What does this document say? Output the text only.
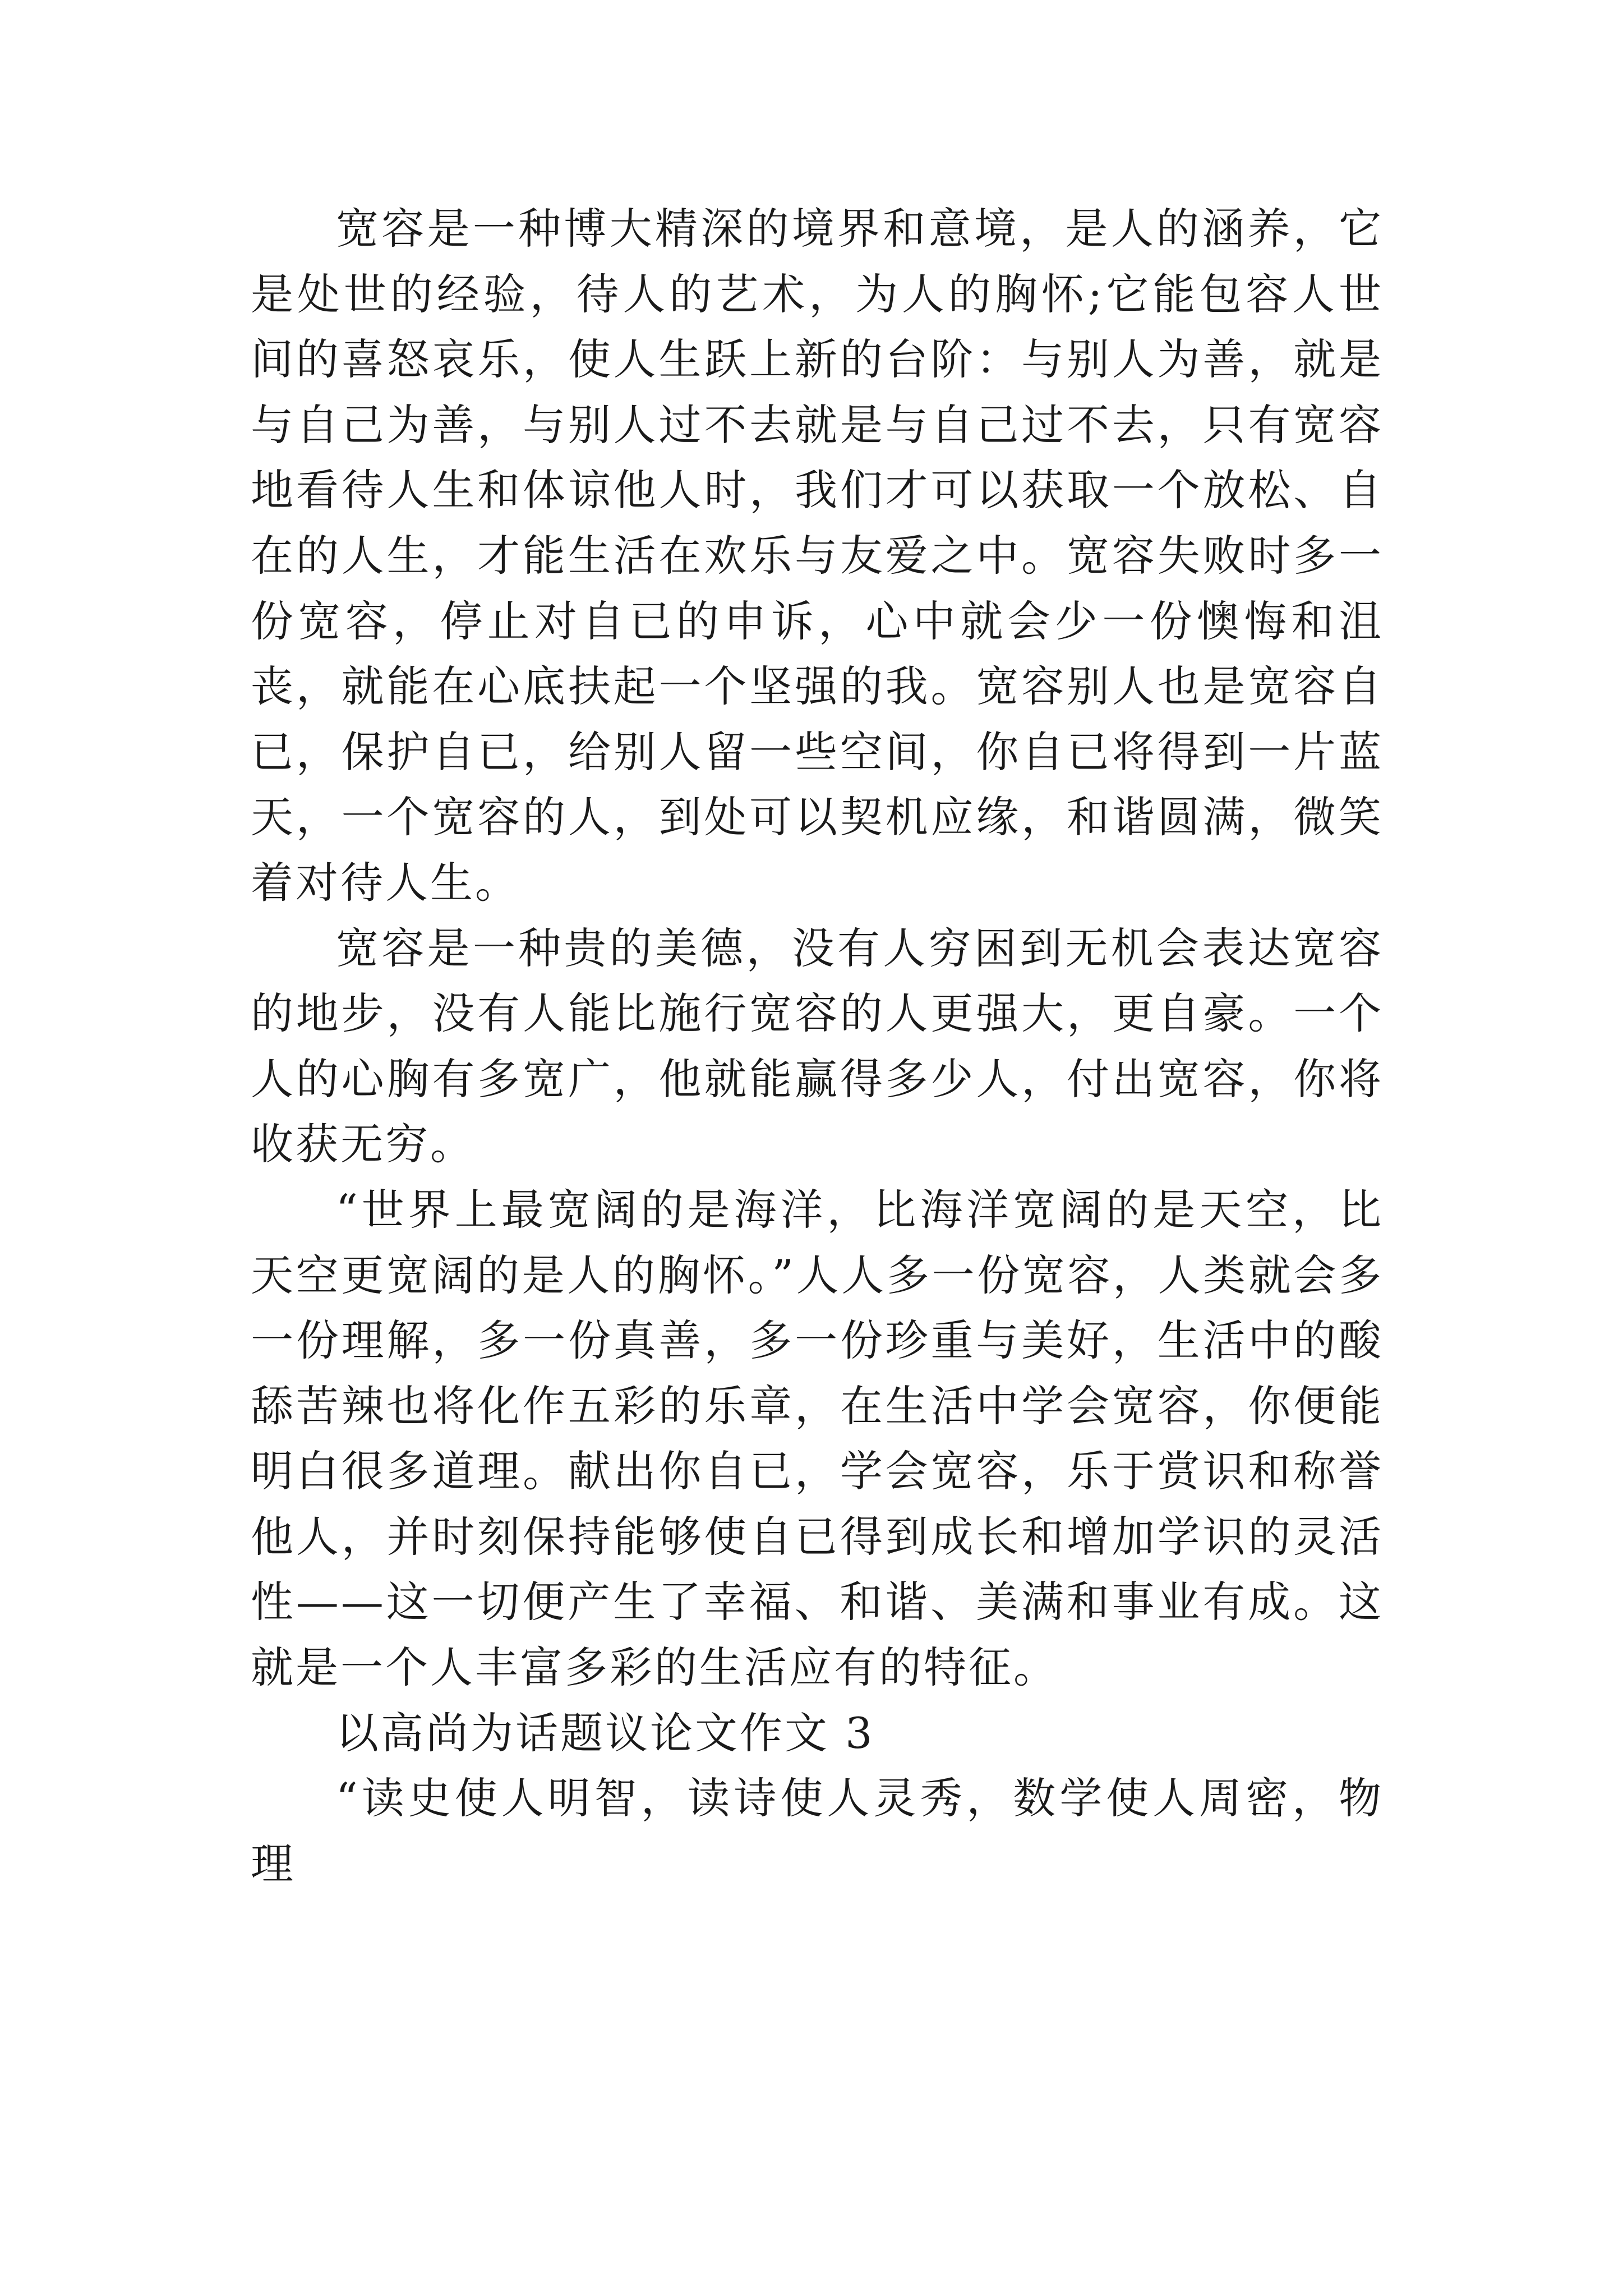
宽容是一种博大精深的境界和意境，是人的涵养，它是处世的经验，待人的艺术，为人的胸怀;它能包容人世间的喜怒哀乐，使人生跃上新的台阶：与别人为善，就是与自己为善，与别人过不去就是与自己过不去，只有宽容地看待人生和体谅他人时，我们才可以获取一个放松、自在的人生，才能生活在欢乐与友爱之中。宽容失败时多一份宽容，停止对自已的申诉，心中就会少一份懊悔和沮丧，就能在心底扶起一个坚强的我。宽容别人也是宽容自已，保护自已，给别人留一些空间，你自已将得到一片蓝天，一个宽容的人，到处可以契机应缘，和谐圆满，微笑着对待人生。

宽容是一种贵的美德，没有人穷困到无机会表达宽容的地步，没有人能比施行宽容的人更强大，更自豪。一个人的心胸有多宽广，他就能赢得多少人，付出宽容，你将收获无穷。

“世界上最宽阔的是海洋，比海洋宽阔的是天空，比天空更宽阔的是人的胸怀。”人人多一份宽容，人类就会多一份理解，多一份真善，多一份珍重与美好，生活中的酸舔苦辣也将化作五彩的乐章，在生活中学会宽容，你便能明白很多道理。献出你自已，学会宽容，乐于赏识和称誉他人，并时刻保持能够使自已得到成长和增加学识的灵活性——这一切便产生了幸福、和谐、美满和事业有成。这就是一个人丰富多彩的生活应有的特征。

以高尚为话题议论文作文 3

“读史使人明智，读诗使人灵秀，数学使人周密，物理
